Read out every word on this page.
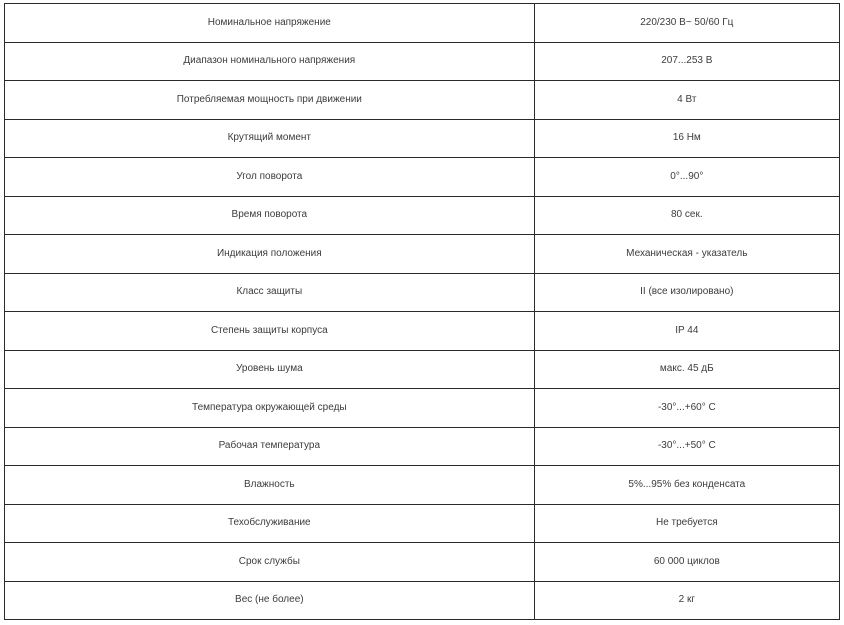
Номинальное напряжение	220/230 В~ 50/60 Гц
Диапазон номинального напряжения	207...253 В
Потребляемая мощность при движении	4 Вт
Крутящий момент	16 Нм
Угол поворота	0°...90°
Время поворота	80 сек.
Индикация положения	Механическая - указатель
Класс защиты	II (все изолировано)
Степень защиты корпуса	IP 44
Уровень шума	макс. 45 дБ
Температура окружающей среды	-30°...+60° С
Рабочая температура	-30°...+50° С
Влажность	5%...95% без конденсата
Техобслуживание	Не требуется
Срок службы	60 000 циклов
Вес (не более)	2 кг
